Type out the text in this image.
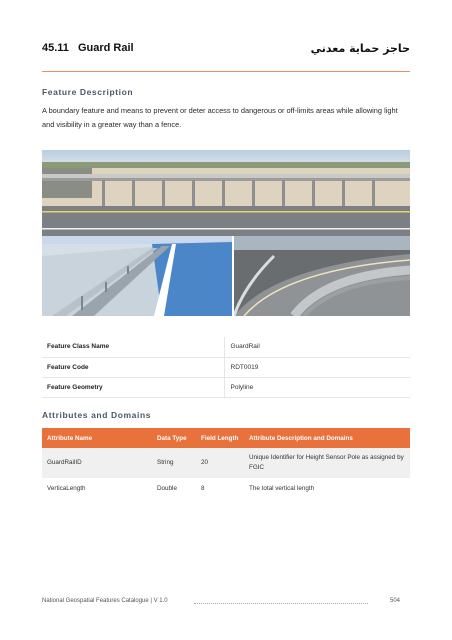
45.11 Guard Rail	حاجز حماية معدني
Feature Description
A boundary feature and means to prevent or deter access to dangerous or off-limits areas while allowing light and visibility in a greater way than a fence.
Feature Class Name	GuardRail
Feature Code	RDT0019
Feature Geometry	Polyline
Attributes and Domains
Attribute Name	Data Type	Field Length	Attribute Description and Domains
GuardRailID	String	20	Unique Identifier for Height Sensor Pole as assigned by FGIC
VerticaLength	Double	8	The total vertical length
National Geospatial Features Catalogue | V 1.0	504
